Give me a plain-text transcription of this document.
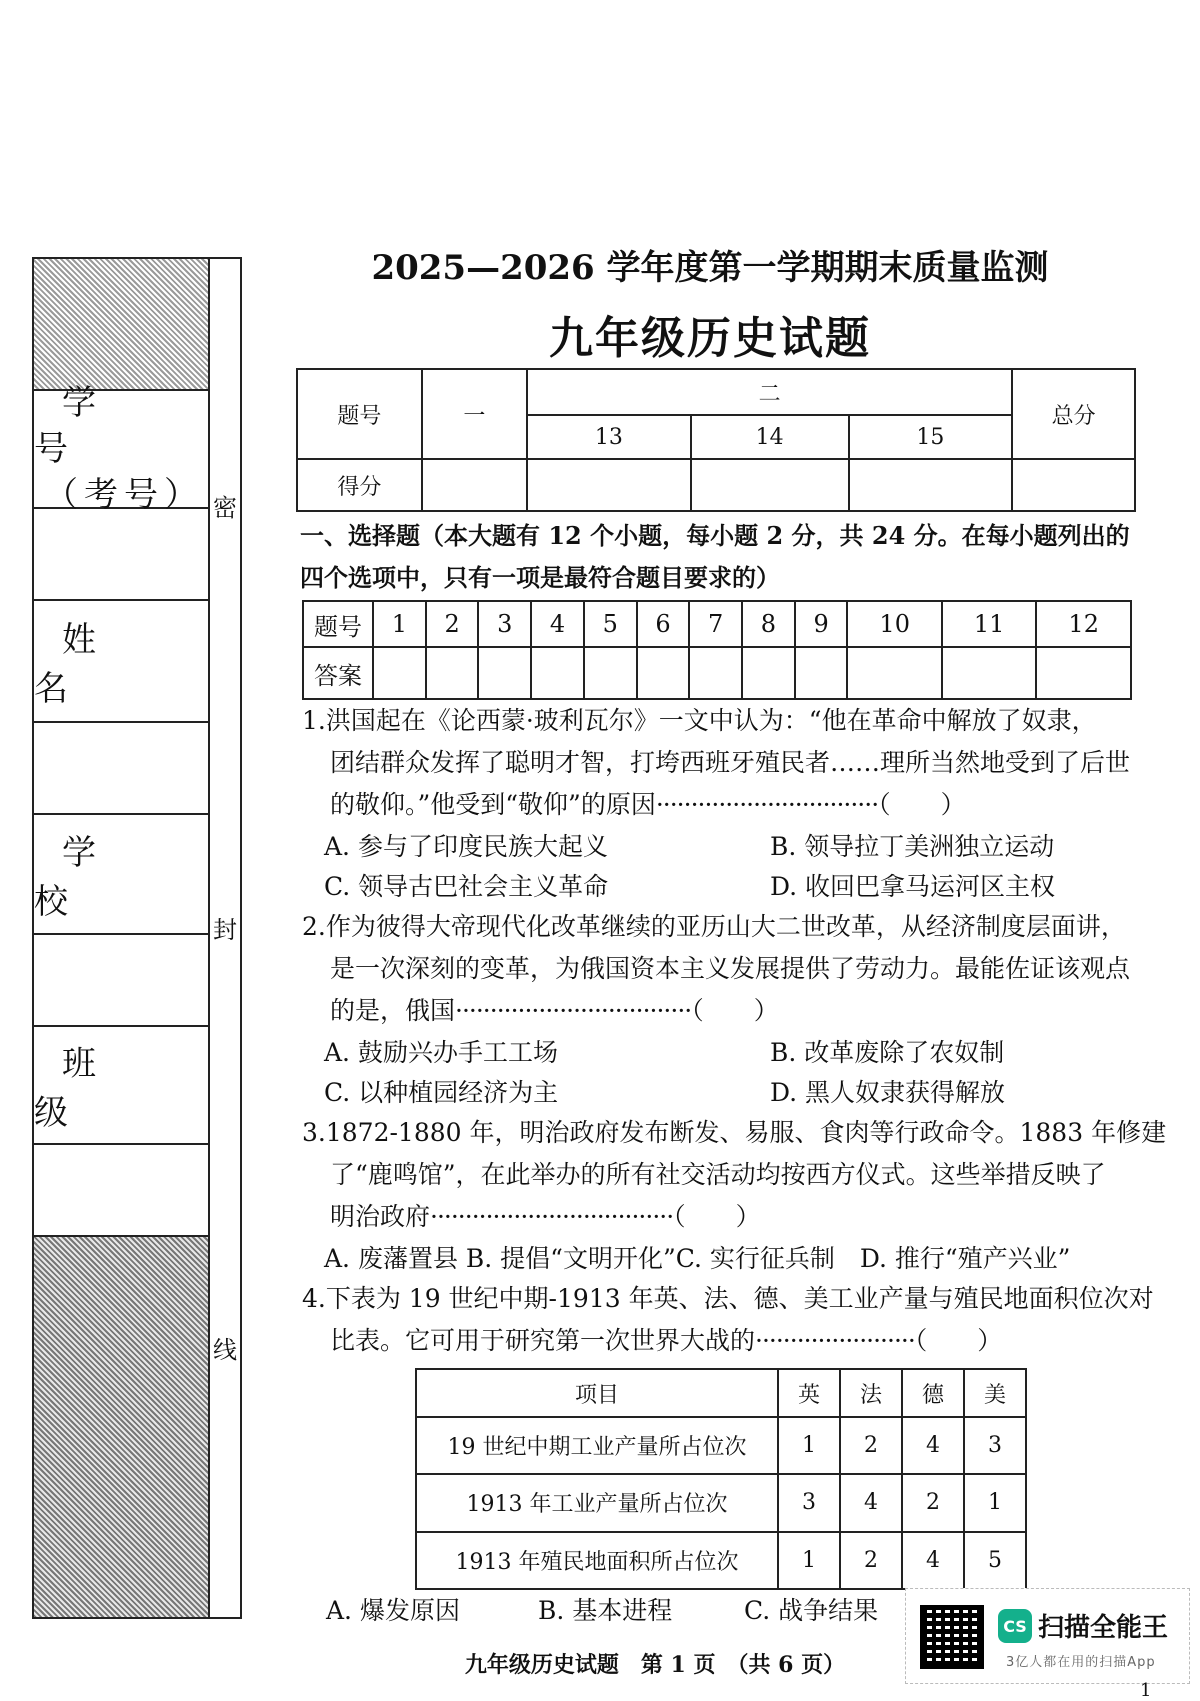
学 号
（考号）
姓 名
学 校
班 级
密
封
线
2025—2026 学年度第一学期期末质量监测
九年级历史试题
题号	一	二			总分
		13	14	15	
得分					
一、选择题（本大题有 12 个小题，每小题 2 分，共 24 分。在每小题列出的
四个选项中，只有一项是最符合题目要求的）
题号	1	2	3	4	5	6	7	8	9	10	11	12
答案												
1.洪国起在《论西蒙·玻利瓦尔》一文中认为：“他在革命中解放了奴隶，
团结群众发挥了聪明才智，打垮西班牙殖民者……理所当然地受到了后世
的敬仰。”他受到“敬仰”的原因································（　　）
A. 参与了印度民族大起义	B. 领导拉丁美洲独立运动
C. 领导古巴社会主义革命	D. 收回巴拿马运河区主权
2.作为彼得大帝现代化改革继续的亚历山大二世改革，从经济制度层面讲，
是一次深刻的变革，为俄国资本主义发展提供了劳动力。最能佐证该观点
的是，俄国··································（　　）
A. 鼓励兴办手工工场	B. 改革废除了农奴制
C. 以种植园经济为主	D. 黑人奴隶获得解放
3.1872-1880 年，明治政府发布断发、易服、食肉等行政命令。1883 年修建
了“鹿鸣馆”，在此举办的所有社交活动均按西方仪式。这些举措反映了
明治政府···································（　　）
A. 废藩置县 B. 提倡“文明开化”C. 实行征兵制　D. 推行“殖产兴业”
4.下表为 19 世纪中期-1913 年英、法、德、美工业产量与殖民地面积位次对
比表。它可用于研究第一次世界大战的·······················（　　）
项目	英	法	德	美
19 世纪中期工业产量所占位次	1	2	4	3
1913 年工业产量所占位次	3	4	2	1
1913 年殖民地面积所占位次	1	2	4	5
A. 爆发原因	B. 基本进程	C. 战争结果
九年级历史试题　第 1 页　（共 6 页）
CS 扫描全能王
3亿人都在用的扫描App
1
